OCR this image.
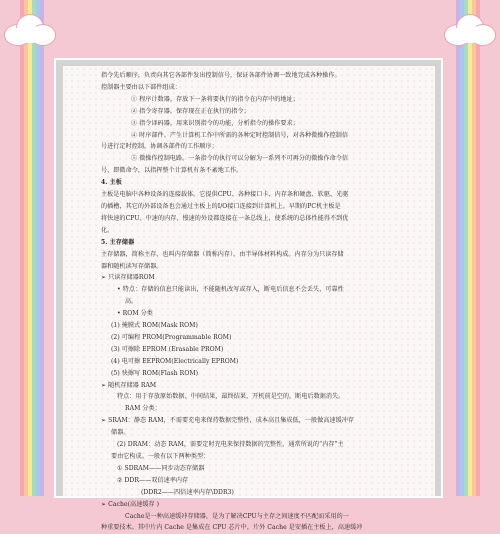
指令先后顺序，负责向其它各部件发出控制信号，保证各部件协调一致地完成各种操作。
控制器主要由以下部件组成：
① 程序计数器。存放下一条将要执行的指令在内存中的地址；
② 指令寄存器。保存现在正在执行的指令；
③ 指令译码器。用来识别指令的功能，分析指令的操作要求；
④ 时序部件。产生计算机工作中所需的各种定时控制信号，对各种微操作控制信
号进行定时控制，协调各部件的工作顺序；
⑤ 微操作控制电路。一条指令的执行可以分解为一系列不可再分的微操作命令信
号，即微命令，以指挥整个计算机有条不紊地工作。
4. 主板
主板是电脑中各种设备的连接载体。它提供CPU、各种接口卡、内存条和硬盘、软驱、光驱
的插槽，其它的外部设备也会通过主板上的I/O接口连接到计算机上。早期的PC机主板是
将快速的CPU、中速的内存、慢速的外设都连接在一条总线上，使系统的总体性能得不到优
化。
5. 主存储器
主存储器，简称主存，也叫内存储器（简称内存），由半导体材料构成。内存分为只读存储
器和随机读写存储器。
➢ 只读存储器ROM
• 特点：存储的信息只能读出，不能随机改写或存入，断电后信息不会丢失，可靠性
高。
• ROM 分类
(1) 掩膜式 ROM(Mask ROM)
(2) 可编程 PROM(Programmable ROM)
(3) 可擦除 EPROM (Erasable PROM)
(4) 电可擦 EEPROM(Electrically EPROM)
(5) 快擦写 ROM(Flash ROM)
➢ 随机存储器 RAM
特点：用于存放原始数据、中间结果、最终结果、开机前是空的，断电后数据消失。
RAM 分类：
➢ SRAM：静态 RAM，不需要充电来保持数据完整性，成本高且集成低，一般做高速缓冲存
储器。
(2) DRAM：动态 RAM，需要定时充电来保持数据的完整性，通常所说的“内存”主
要由它构成。一般有以下两种类型：
① SDRAM——同步动态存储器
② DDR——双倍速率内存
(DDR2——四倍速率内存\DDR3)
➢ Cache(高速缓存 )
Cache是一种高速缓冲存储器，是为了解决CPU与主存之间速度不匹配而采用的一
种重要技术。其中片内 Cache 是集成在 CPU 芯片中，片外 Cache 是安插在主板上，高速缓冲
